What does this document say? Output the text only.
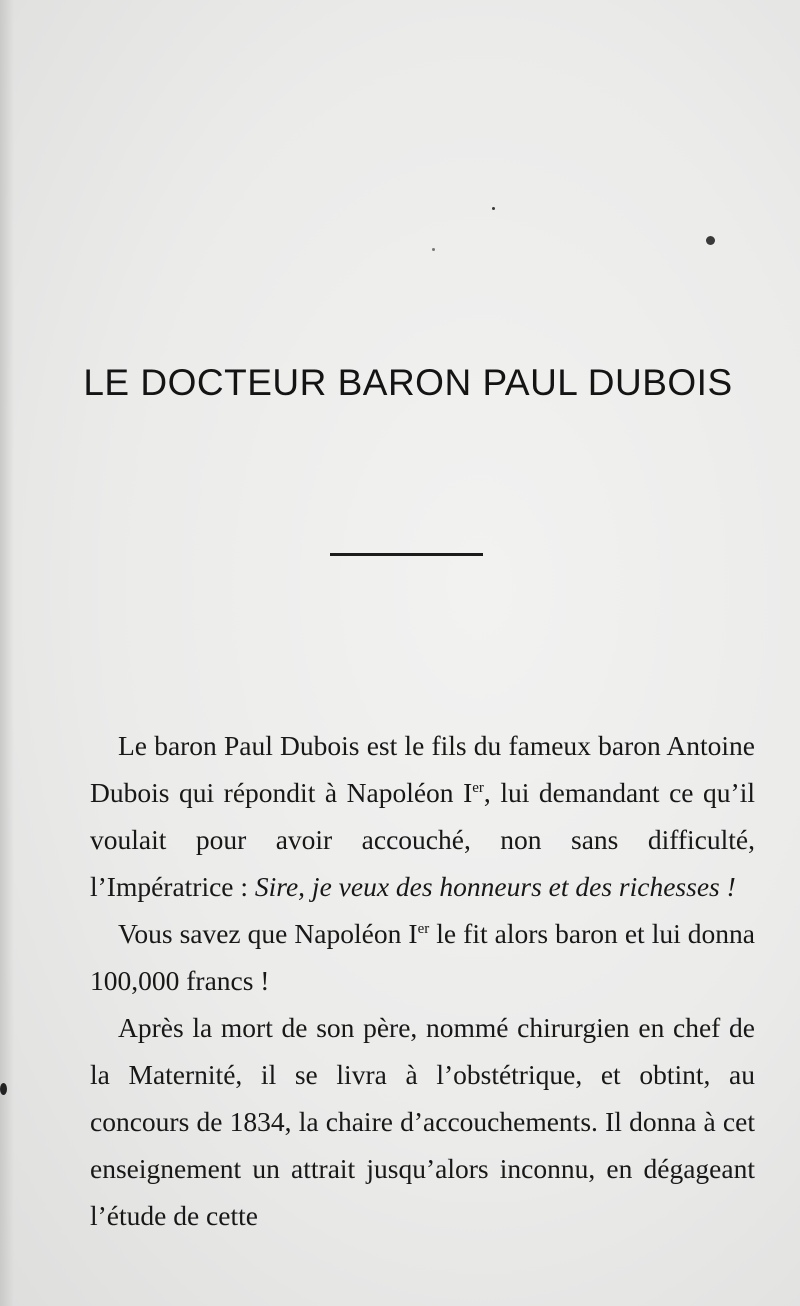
LE DOCTEUR BARON PAUL DUBOIS

Le baron Paul Dubois est le fils du fameux baron Antoine Dubois qui répondit à Napoléon Ier, lui demandant ce qu’il voulait pour avoir accouché, non sans difficulté, l’Impératrice : Sire, je veux des honneurs et des richesses !

Vous savez que Napoléon Ier le fit alors baron et lui donna 100,000 francs !

Après la mort de son père, nommé chirurgien en chef de la Maternité, il se livra à l’obstétrique, et obtint, au concours de 1834, la chaire d’accouchements. Il donna à cet enseignement un attrait jusqu’alors inconnu, en dégageant l’étude de cette
